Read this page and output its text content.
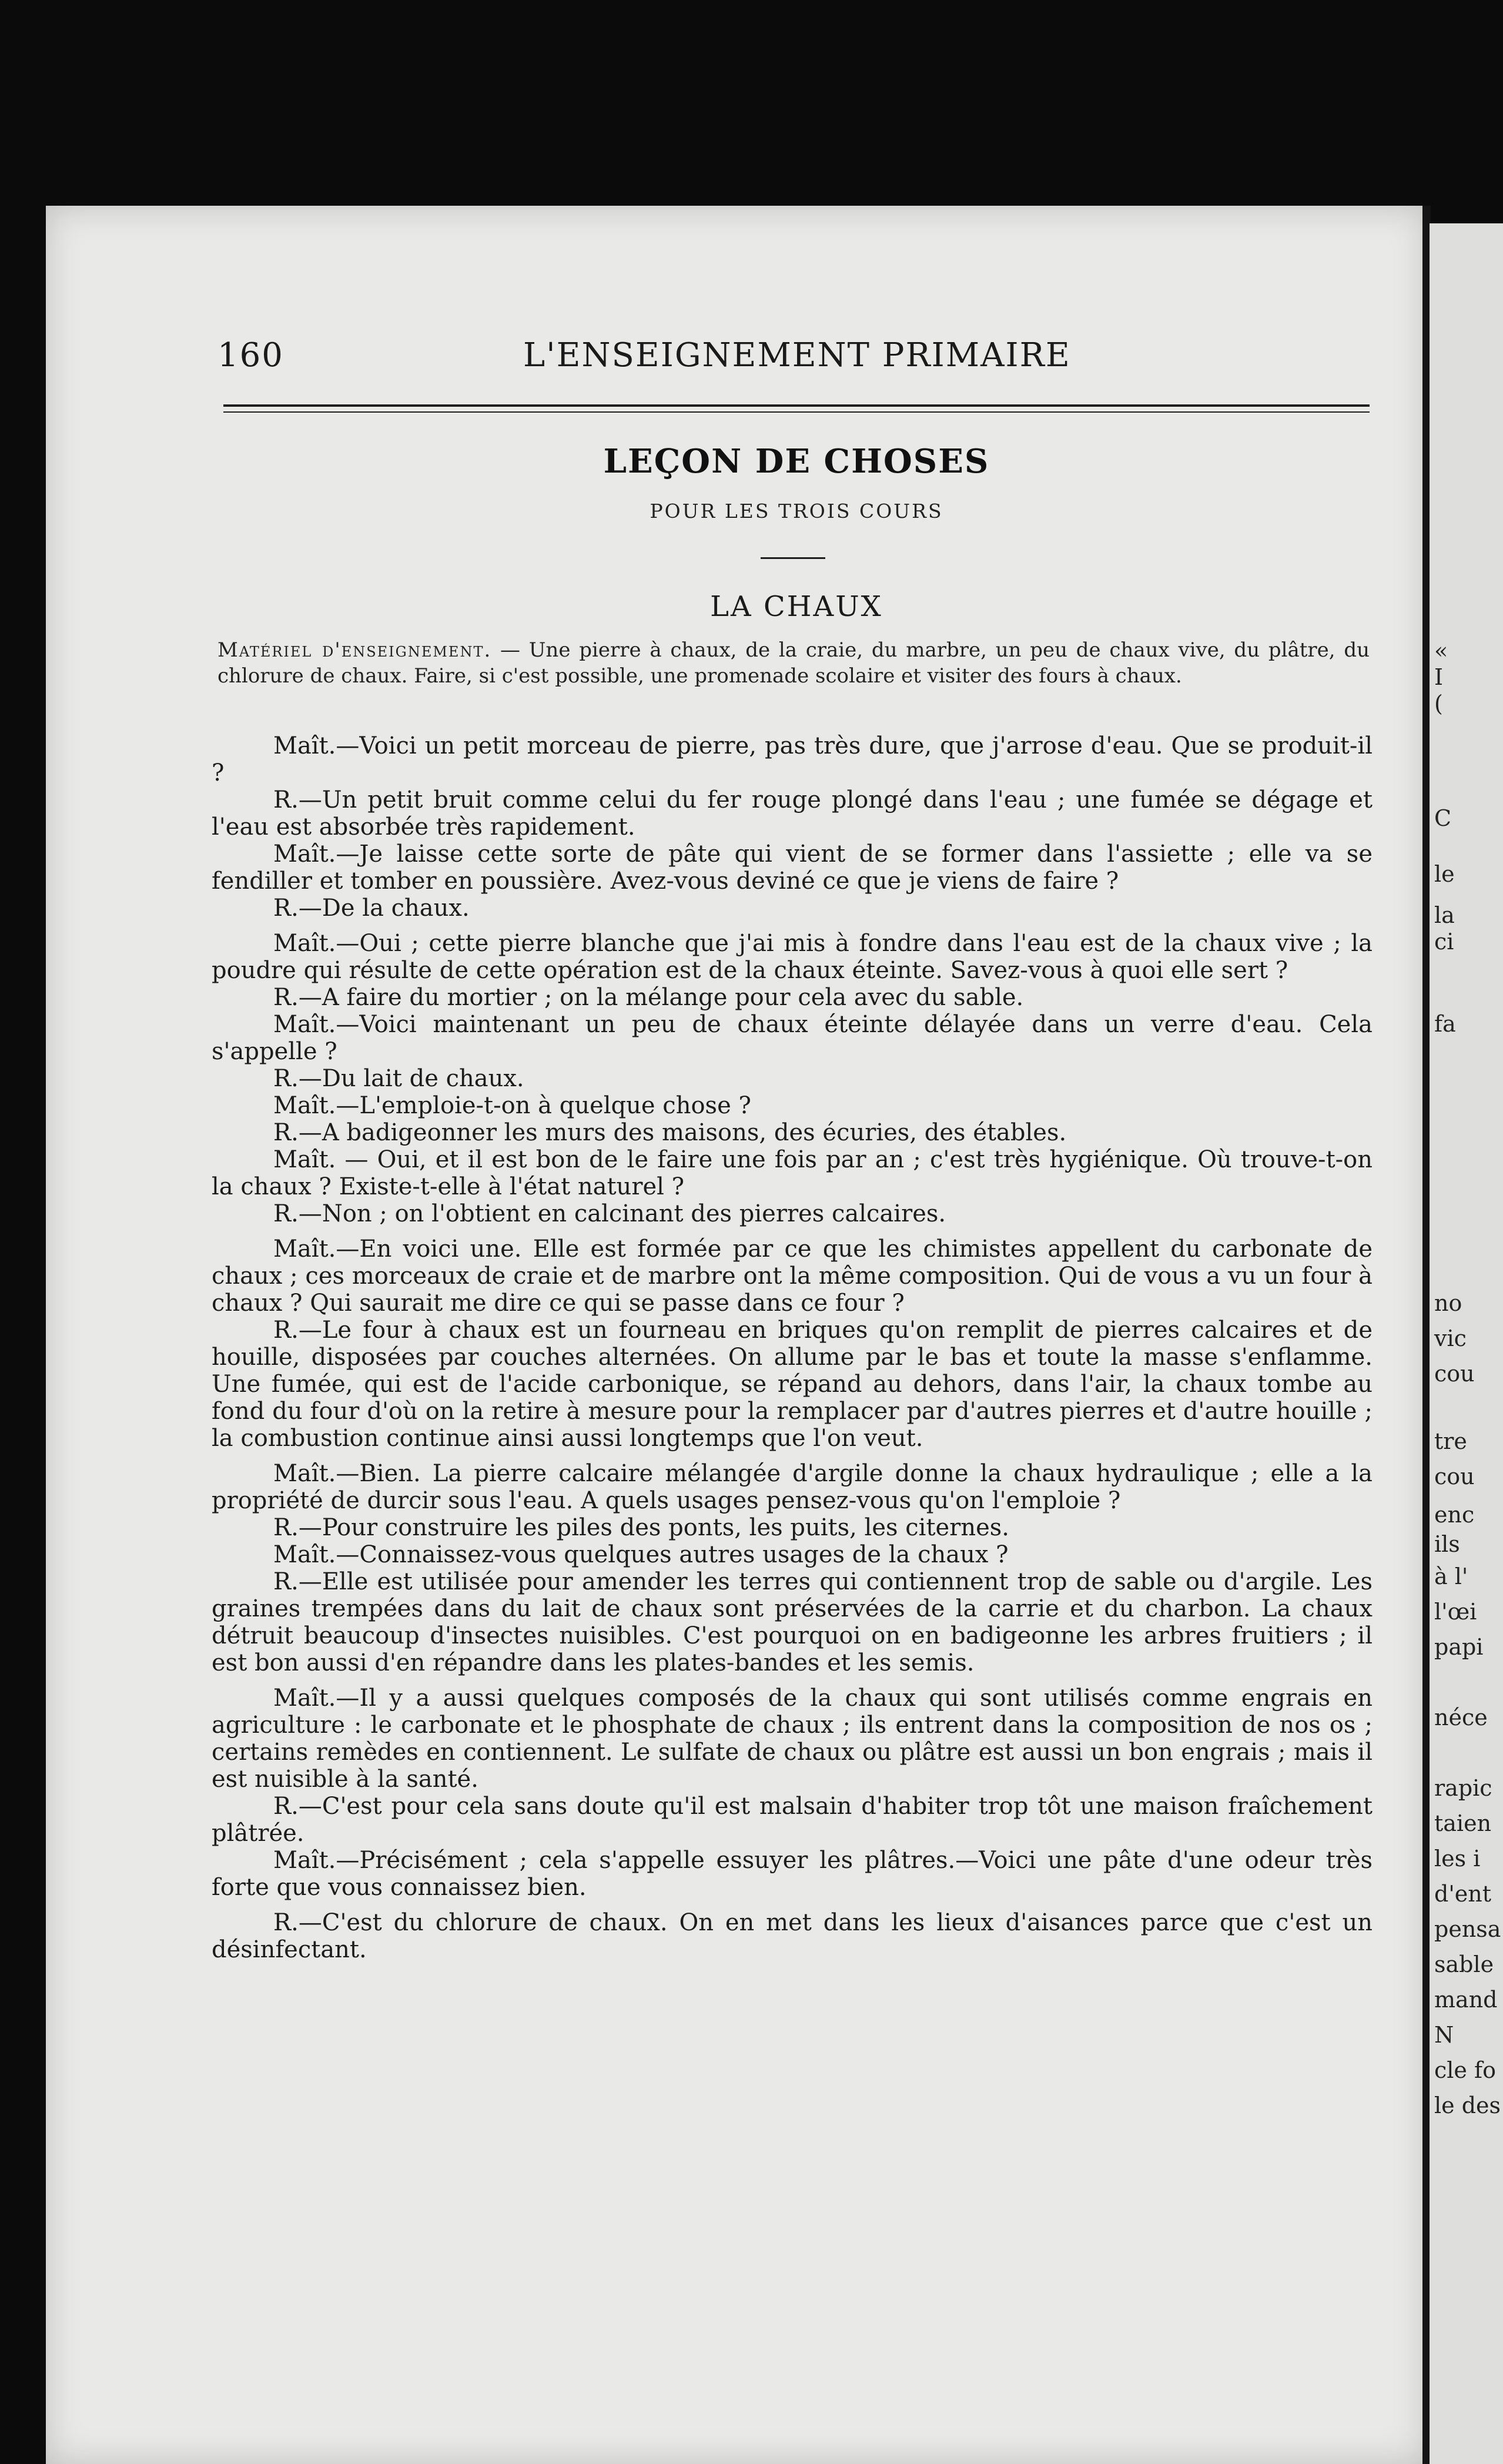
«
I
(
C
le
la
ci
fa
no
vic
cou
tre
cou
enc
ils
à l'
l'œi
papi
néce
rapic
taien
les i
d'ent
pensa
sable
mand
N
cle fo
le des
160	L'ENSEIGNEMENT PRIMAIRE
LEÇON DE CHOSES
POUR LES TROIS COURS
LA CHAUX
Matériel d'enseignement. — Une pierre à chaux, de la craie, du marbre, un peu de chaux vive, du plâtre, du chlorure de chaux. Faire, si c'est possible, une promenade scolaire et visiter des fours à chaux.

Maît.—Voici un petit morceau de pierre, pas très dure, que j'arrose d'eau. Que se produit-il ?

R.—Un petit bruit comme celui du fer rouge plongé dans l'eau ; une fumée se dégage et l'eau est absorbée très rapidement.

Maît.—Je laisse cette sorte de pâte qui vient de se former dans l'assiette ; elle va se fendiller et tomber en poussière. Avez-vous deviné ce que je viens de faire ?

R.—De la chaux.

Maît.—Oui ; cette pierre blanche que j'ai mis à fondre dans l'eau est de la chaux vive ; la poudre qui résulte de cette opération est de la chaux éteinte. Savez-vous à quoi elle sert ?

R.—A faire du mortier ; on la mélange pour cela avec du sable.

Maît.—Voici maintenant un peu de chaux éteinte délayée dans un verre d'eau. Cela s'appelle ?

R.—Du lait de chaux.

Maît.—L'emploie-t-on à quelque chose ?

R.—A badigeonner les murs des maisons, des écuries, des étables.

Maît. — Oui, et il est bon de le faire une fois par an ; c'est très hygiénique. Où trouve-t-on la chaux ? Existe-t-elle à l'état naturel ?

R.—Non ; on l'obtient en calcinant des pierres calcaires.

Maît.—En voici une. Elle est formée par ce que les chimistes appellent du carbonate de chaux ; ces morceaux de craie et de marbre ont la même composition. Qui de vous a vu un four à chaux ? Qui saurait me dire ce qui se passe dans ce four ?

R.—Le four à chaux est un fourneau en briques qu'on remplit de pierres calcaires et de houille, disposées par couches alternées. On allume par le bas et toute la masse s'enflamme. Une fumée, qui est de l'acide carbonique, se répand au dehors, dans l'air, la chaux tombe au fond du four d'où on la retire à mesure pour la remplacer par d'autres pierres et d'autre houille ; la combustion continue ainsi aussi longtemps que l'on veut.

Maît.—Bien. La pierre calcaire mélangée d'argile donne la chaux hydraulique ; elle a la propriété de durcir sous l'eau. A quels usages pensez-vous qu'on l'emploie ?

R.—Pour construire les piles des ponts, les puits, les citernes.

Maît.—Connaissez-vous quelques autres usages de la chaux ?

R.—Elle est utilisée pour amender les terres qui contiennent trop de sable ou d'argile. Les graines trempées dans du lait de chaux sont préservées de la carrie et du charbon. La chaux détruit beaucoup d'insectes nuisibles. C'est pourquoi on en badigeonne les arbres fruitiers ; il est bon aussi d'en répandre dans les plates-bandes et les semis.

Maît.—Il y a aussi quelques composés de la chaux qui sont utilisés comme engrais en agriculture : le carbonate et le phosphate de chaux ; ils entrent dans la composition de nos os ; certains remèdes en contiennent. Le sulfate de chaux ou plâtre est aussi un bon engrais ; mais il est nuisible à la santé.

R.—C'est pour cela sans doute qu'il est malsain d'habiter trop tôt une maison fraîchement plâtrée.

Maît.—Précisément ; cela s'appelle essuyer les plâtres.—Voici une pâte d'une odeur très forte que vous connaissez bien.

R.—C'est du chlorure de chaux. On en met dans les lieux d'aisances parce que c'est un désinfectant.
